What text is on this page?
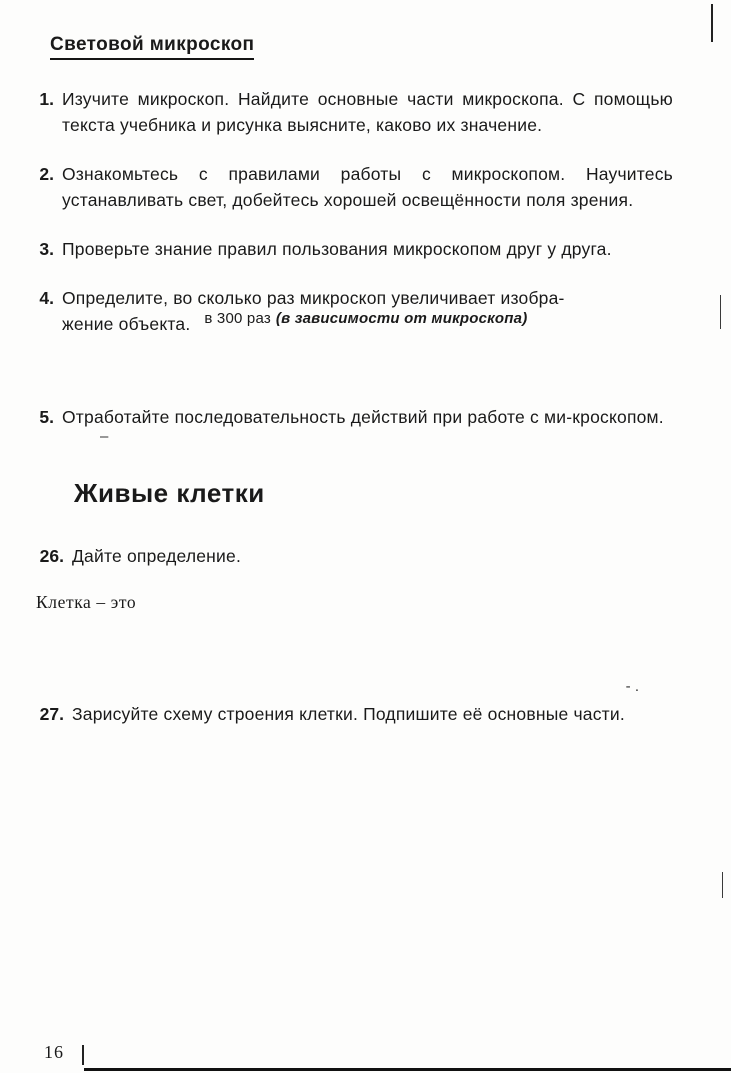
Световой микроскоп
1. Изучите микроскоп. Найдите основные части микроскопа. С помощью текста учебника и рисунка выясните, каково их значение.
2. Ознакомьтесь с правилами работы с микроскопом. Научитесь устанавливать свет, добейтесь хорошей освещённости поля зрения.
3. Проверьте знание правил пользования микроскопом друг у друга.
4. Определите, во сколько раз микроскоп увеличивает изобра-
жение объекта. в 300 раз (в зависимости от микроскопа)
5. Отработайте последовательность действий при работе с ми-кроскопом.
Живые клетки
26. Дайте определение.
Клетка – это
27. Зарисуйте схему строения клетки. Подпишите её основные части.
–
- .
16
